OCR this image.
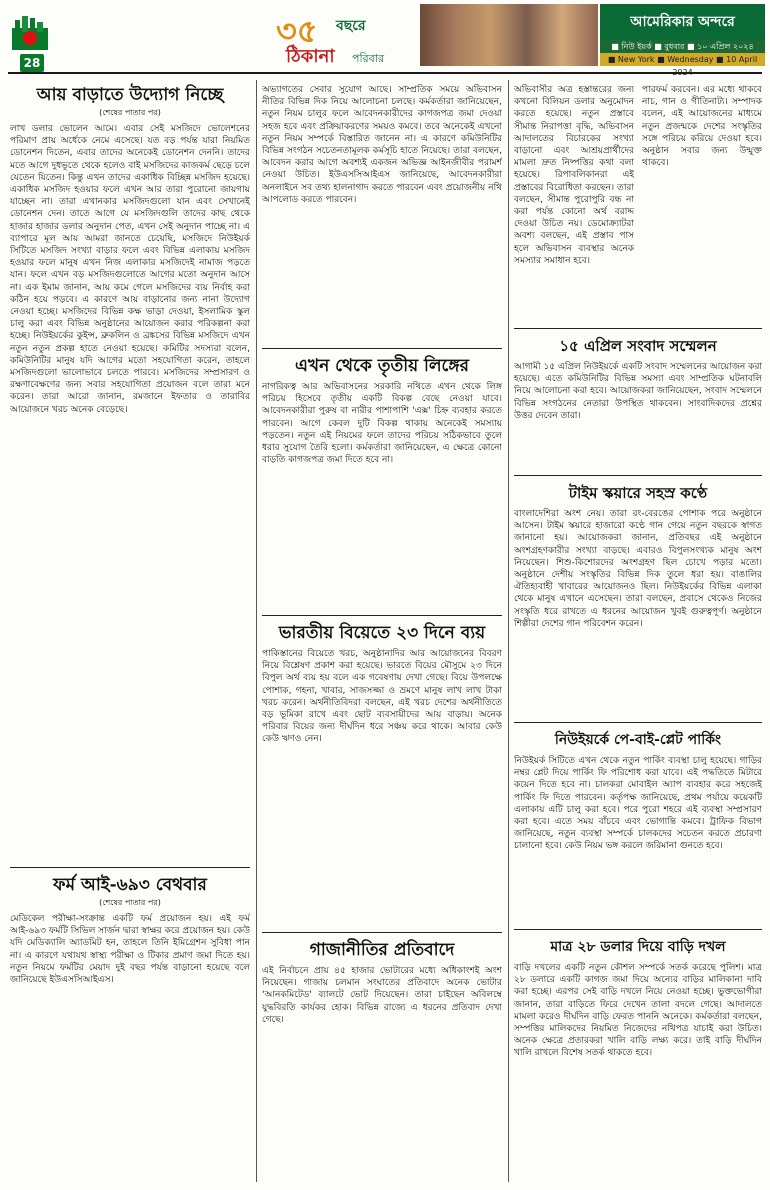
28
৩৫ বছরে
ঠিকানা পরিবার
আমেরিকার অন্দরে
■ নিউ ইয়র্ক ■ বুধবার ■ ১০ এপ্রিল ২০২৪
■ New York ■ Wednesday ■ 10 April
আয় বাড়াতে উদ্যোগ নিচ্ছে
(শেষের পাতার পর)

লাখ ডলার ভোলেন আমে। এবার সেই মসজিদে ভোলেশনের পরিমাণ প্রায় অর্ধেকে নেমে এসেছে। যত বড় পর্যন্ত যারা নিয়মিত ডোনেশন দিতেন, এবার তাদের অনেকেই ডোনেশন দেননি। তাদের মতে আগে দুধভূতে থেকে হলেও বাই মসজিদের কাজকর্ম ছেড়ে চলে যেতেন যিতেন। কিন্তু এখন তাদের একাধিক বিচ্ছিন্ন মসজিদ হয়েছে। একাধিক মসজিদ হওয়ার ফলে এখন আর তারা পুরোনো জায়গায় যাচ্ছেন না। তারা এখানকার মসজিদগুলো যান এবং সেখানেই ডোনেশন দেন। তাতে আগে যে মসজিদগুলি তাদের কাছ থেকে হাজার হাজার ডলার অনুদান পেত, এখন সেই অনুদান পাচ্ছে না। এ ব্যাপারে মূল আয় আমরা জানতে চেয়েছি, মসজিদে নিউইয়র্ক সিটিতে মসজিদ সংখ্যা বাড়ার ফলে এবং বিভিন্ন এলাকায় মসজিদ হওয়ার ফলে মানুষ এখন নিজ এলাকার মসজিদেই নামাজ পড়তে যান। ফলে এখন বড় মসজিদগুলোতে আগের মতো অনুদান আসে না। এক ইমাম জানান, আয় কমে গেলে মসজিদের ব্যয় নির্বাহ করা কঠিন হয়ে পড়বে। এ কারণে আয় বাড়ানোর জন্য নানা উদ্যোগ নেওয়া হচ্ছে। মসজিদের বিভিন্ন কক্ষ ভাড়া দেওয়া, ইসলামিক স্কুল চালু করা এবং বিভিন্ন অনুষ্ঠানের আয়োজন করার পরিকল্পনা করা হচ্ছে। নিউইয়র্কের কুইন্স, ব্রুকলিন ও ব্রঙ্কসের বিভিন্ন মসজিদে এখন নতুন নতুন প্রকল্প হাতে নেওয়া হয়েছে। কমিটির সদস্যরা বলেন, কমিউনিটির মানুষ যদি আগের মতো সহযোগিতা করেন, তাহলে মসজিদগুলো ভালোভাবে চলতে পারবে। মসজিদের সম্প্রসারণ ও রক্ষণাবেক্ষণের জন্য সবার সহযোগিতা প্রয়োজন বলে তারা মনে করেন। তারা আরো জানান, রমজানে ইফতার ও তারাবির আয়োজনে খরচ অনেক বেড়েছে।

ফর্ম আই-৬৯৩ বেথবার
(শেষের পাতার পর)

মেডিকেল পরীক্ষা-সংক্রান্ত একটি ফর্ম প্রয়োজন হয়। এই ফর্ম আই-৬৯৩ ফর্মটি সিভিল সার্জন দ্বারা স্বাক্ষর করে প্রয়োজন হয়। কেউ যদি মেডিক্যালি অ্যাডমিট হন, তাহলে তিনি ইমিগ্রেশন সুবিধা পান না। এ কারণে যথাযথ স্বাস্থ্য পরীক্ষা ও টিকার প্রমাণ জমা দিতে হয়। নতুন নিয়মে ফর্মটির মেয়াদ দুই বছর পর্যন্ত বাড়ানো হয়েছে বলে জানিয়েছে ইউএসসিআইএস।

অভ্যাগতের সেবার সুযোগ আছে। সাম্প্রতিক সময়ে অভিবাসন নীতির বিভিন্ন দিক নিয়ে আলোচনা চলছে। কর্মকর্তারা জানিয়েছেন, নতুন নিয়ম চালুর ফলে আবেদনকারীদের কাগজপত্র জমা দেওয়া সহজ হবে এবং প্রক্রিয়াকরণের সময়ও কমবে। তবে অনেকেই এখনো নতুন নিয়ম সম্পর্কে বিস্তারিত জানেন না। এ কারণে কমিউনিটির বিভিন্ন সংগঠন সচেতনতামূলক কর্মসূচি হাতে নিয়েছে। তারা বলছেন, আবেদন করার আগে অবশ্যই একজন অভিজ্ঞ আইনজীবীর পরামর্শ নেওয়া উচিত। ইউএসসিআইএস জানিয়েছে, আবেদনকারীরা অনলাইনে সব তথ্য হালনাগাদ করতে পারবেন এবং প্রয়োজনীয় নথি আপলোড করতে পারবেন।

এখন থেকে তৃতীয় লিঙ্গের

নাগরিকত্ব আর অভিবাসনের সরকারি নথিতে এখন থেকে লিঙ্গ পরিচয় হিসেবে তৃতীয় একটি বিকল্প বেছে নেওয়া যাবে। আবেদনকারীরা পুরুষ বা নারীর পাশাপাশি 'এক্স' চিহ্ন ব্যবহার করতে পারবেন। আগে কেবল দুটি বিকল্প থাকায় অনেকেই সমস্যায় পড়তেন। নতুন এই নিয়মের ফলে তাদের পরিচয় সঠিকভাবে তুলে ধরার সুযোগ তৈরি হলো। কর্মকর্তারা জানিয়েছেন, এ ক্ষেত্রে কোনো বাড়তি কাগজপত্র জমা দিতে হবে না।

ভারতীয় বিয়েতে ২৩ দিনে ব্যয়

পাকিস্তানের বিয়েতে খরচ, অনুষ্ঠানাদির আর আয়োজনের বিবরণ নিয়ে বিশ্লেষণ প্রকাশ করা হয়েছে। ভারতে বিয়ের মৌসুমে ২৩ দিনে বিপুল অর্থ ব্যয় হয় বলে এক গবেষণায় দেখা গেছে। বিয়ে উপলক্ষে পোশাক, গহনা, খাবার, সাজসজ্জা ও ভ্রমণে মানুষ লাখ লাখ টাকা খরচ করেন। অর্থনীতিবিদরা বলছেন, এই খরচ দেশের অর্থনীতিতে বড় ভূমিকা রাখে এবং ছোট ব্যবসায়ীদের আয় বাড়ায়। অনেক পরিবার বিয়ের জন্য দীর্ঘদিন ধরে সঞ্চয় করে থাকে। আবার কেউ কেউ ঋণও নেন।

গাজানীতির প্রতিবাদে

এই নির্বাচনে প্রায় ৪৫ হাজার ভোটারের মধ্যে অধিকাংশই অংশ নিয়েছেন। গাজায় চলমান সংঘাতের প্রতিবাদে অনেক ভোটার 'আনকমিটেড' ব্যালটে ভোট দিয়েছেন। তারা চাইছেন অবিলম্বে যুদ্ধবিরতি কার্যকর হোক। বিভিন্ন রাজ্যে এ ধরনের প্রতিবাদ দেখা গেছে।

অভিবাসীর অত্র হস্তান্তরের জন্য কখনো বিলিয়ন ডলার অনুমোদন করতে হয়েছে। নতুন প্রস্তাবে সীমান্ত নিরাপত্তা বৃদ্ধি, অভিবাসন আদালতের বিচারকের সংখ্যা বাড়ানো এবং আশ্রয়প্রার্থীদের মামলা দ্রুত নিষ্পত্তির কথা বলা হয়েছে। রিপাবলিকানরা এই প্রস্তাবের বিরোধিতা করছেন। তারা বলছেন, সীমান্ত পুরোপুরি বন্ধ না করা পর্যন্ত কোনো অর্থ বরাদ্দ দেওয়া উচিত নয়। ডেমোক্র্যাটরা অবশ্য বলছেন, এই প্রস্তাব পাস হলে অভিবাসন ব্যবস্থার অনেক সমস্যার সমাধান হবে।

পারফর্ম করবেন। এর মধ্যে থাকবে নাচ, গান ও গীতিনাট্য। সম্পাদক বলেন, এই আয়োজনের মাধ্যমে নতুন প্রজন্মকে দেশের সংস্কৃতির সঙ্গে পরিচয় করিয়ে দেওয়া হবে। অনুষ্ঠান সবার জন্য উন্মুক্ত থাকবে।

১৫ এপ্রিল সংবাদ সম্মেলন

আগামী ১৫ এপ্রিল নিউইয়র্কে একটি সংবাদ সম্মেলনের আয়োজন করা হয়েছে। এতে কমিউনিটির বিভিন্ন সমস্যা এবং সাম্প্রতিক ঘটনাবলি নিয়ে আলোচনা করা হবে। আয়োজকরা জানিয়েছেন, সংবাদ সম্মেলনে বিভিন্ন সংগঠনের নেতারা উপস্থিত থাকবেন। সাংবাদিকদের প্রশ্নের উত্তর দেবেন তারা।

টাইম স্কয়ারে সহস্র কণ্ঠে

বাংলাদেশিরা অংশ নেয়। তারা রং-বেরঙের পোশাক পরে অনুষ্ঠানে আসেন। টাইম স্কয়ারে হাজারো কণ্ঠে গান গেয়ে নতুন বছরকে স্বাগত জানানো হয়। আয়োজকরা জানান, প্রতিবছর এই অনুষ্ঠানে অংশগ্রহণকারীর সংখ্যা বাড়ছে। এবারও বিপুলসংখ্যক মানুষ অংশ নিয়েছেন। শিশু-কিশোরদের অংশগ্রহণ ছিল চোখে পড়ার মতো। অনুষ্ঠানে দেশীয় সংস্কৃতির বিভিন্ন দিক তুলে ধরা হয়। বাঙালির ঐতিহ্যবাহী খাবারের আয়োজনও ছিল। নিউইয়র্কের বিভিন্ন এলাকা থেকে মানুষ এখানে এসেছেন। তারা বলছেন, প্রবাসে থেকেও নিজের সংস্কৃতি ধরে রাখতে এ ধরনের আয়োজন খুবই গুরুত্বপূর্ণ। অনুষ্ঠানে শিল্পীরা দেশের গান পরিবেশন করেন।

নিউইয়র্কে পে-বাই-প্লেট পার্কিং

নিউইয়র্ক সিটিতে এখন থেকে নতুন পার্কিং ব্যবস্থা চালু হয়েছে। গাড়ির নম্বর প্লেট দিয়ে পার্কিং ফি পরিশোধ করা যাবে। এই পদ্ধতিতে মিটারে কয়েন দিতে হবে না। চালকরা মোবাইল অ্যাপ ব্যবহার করে সহজেই পার্কিং ফি দিতে পারবেন। কর্তৃপক্ষ জানিয়েছে, প্রথম পর্যায়ে কয়েকটি এলাকায় এটি চালু করা হবে। পরে পুরো শহরে এই ব্যবস্থা সম্প্রসারণ করা হবে। এতে সময় বাঁচবে এবং ভোগান্তি কমবে। ট্রাফিক বিভাগ জানিয়েছে, নতুন ব্যবস্থা সম্পর্কে চালকদের সচেতন করতে প্রচারণা চালানো হবে। কেউ নিয়ম ভঙ্গ করলে জরিমানা গুনতে হবে।

মাত্র ২৮ ডলার দিয়ে বাড়ি দখল

বাড়ি দখলের একটি নতুন কৌশল সম্পর্কে সতর্ক করেছে পুলিশ। মাত্র ২৮ ডলারে একটি কাগজ জমা দিয়ে অন্যের বাড়ির মালিকানা দাবি করা হচ্ছে। এরপর সেই বাড়ি দখলে নিয়ে নেওয়া হচ্ছে। ভুক্তভোগীরা জানান, তারা বাড়িতে ফিরে দেখেন তালা বদলে গেছে। আদালতে মামলা করেও দীর্ঘদিন বাড়ি ফেরত পাননি অনেকে। কর্মকর্তারা বলছেন, সম্পত্তির মালিকদের নিয়মিত নিজেদের নথিপত্র যাচাই করা উচিত। অনেক ক্ষেত্রে প্রতারকরা খালি বাড়ি লক্ষ্য করে। তাই বাড়ি দীর্ঘদিন খালি রাখলে বিশেষ সতর্ক থাকতে হবে।
